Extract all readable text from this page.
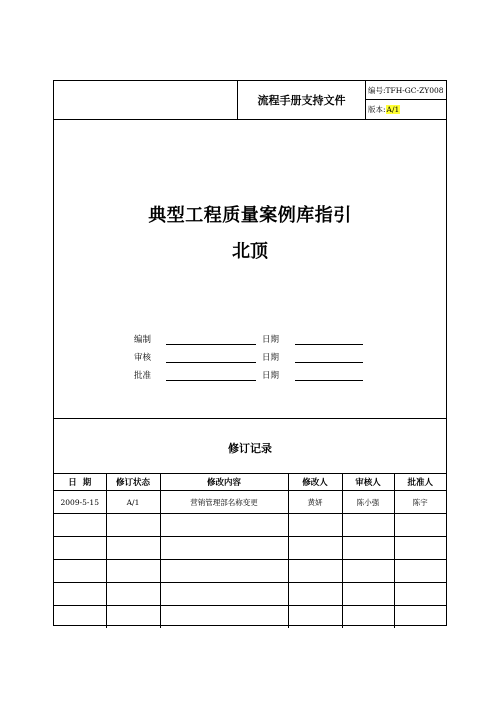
流程手册支持文件
编号:TFH-GC-ZY008
版本: A/1
典型工程质量案例库指引
北顶
编制	日期
审核	日期
批准	日期
修订记录
日  期	修订状态	修改内容	修改人	审核人	批准人
2009-5-15	A/1	营销管理部名称变更	黄妍	陈小强	陈宇
